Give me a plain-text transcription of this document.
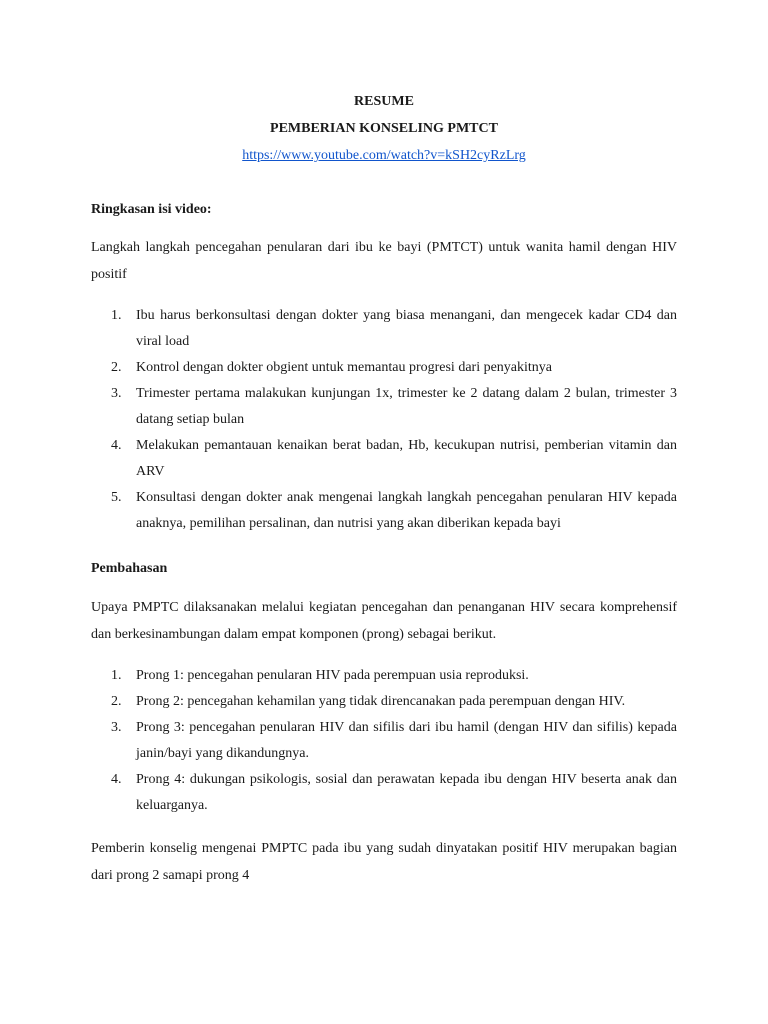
RESUME
PEMBERIAN KONSELING PMTCT
https://www.youtube.com/watch?v=kSH2cyRzLrg
Ringkasan isi video:
Langkah langkah pencegahan penularan dari ibu ke bayi (PMTCT) untuk wanita hamil dengan HIV positif
1. Ibu harus berkonsultasi dengan dokter yang biasa menangani, dan mengecek kadar CD4 dan viral load
2. Kontrol dengan dokter obgient untuk memantau progresi dari penyakitnya
3. Trimester pertama malakukan kunjungan 1x, trimester ke 2 datang dalam 2 bulan, trimester 3 datang setiap bulan
4. Melakukan pemantauan kenaikan berat badan, Hb, kecukupan nutrisi, pemberian vitamin dan ARV
5. Konsultasi dengan dokter anak mengenai langkah langkah pencegahan penularan HIV kepada anaknya, pemilihan persalinan, dan nutrisi yang akan diberikan kepada bayi
Pembahasan
Upaya PMPTC dilaksanakan melalui kegiatan pencegahan dan penanganan HIV secara komprehensif dan berkesinambungan dalam empat komponen (prong) sebagai berikut.
1. Prong 1: pencegahan penularan HIV pada perempuan usia reproduksi.
2. Prong 2: pencegahan kehamilan yang tidak direncanakan pada perempuan dengan HIV.
3. Prong 3: pencegahan penularan HIV dan sifilis dari ibu hamil (dengan HIV dan sifilis) kepada janin/bayi yang dikandungnya.
4. Prong 4: dukungan psikologis, sosial dan perawatan kepada ibu dengan HIV beserta anak dan keluarganya.
Pemberin konselig mengenai PMPTC pada ibu yang sudah dinyatakan positif HIV merupakan bagian dari prong 2 samapi prong 4
